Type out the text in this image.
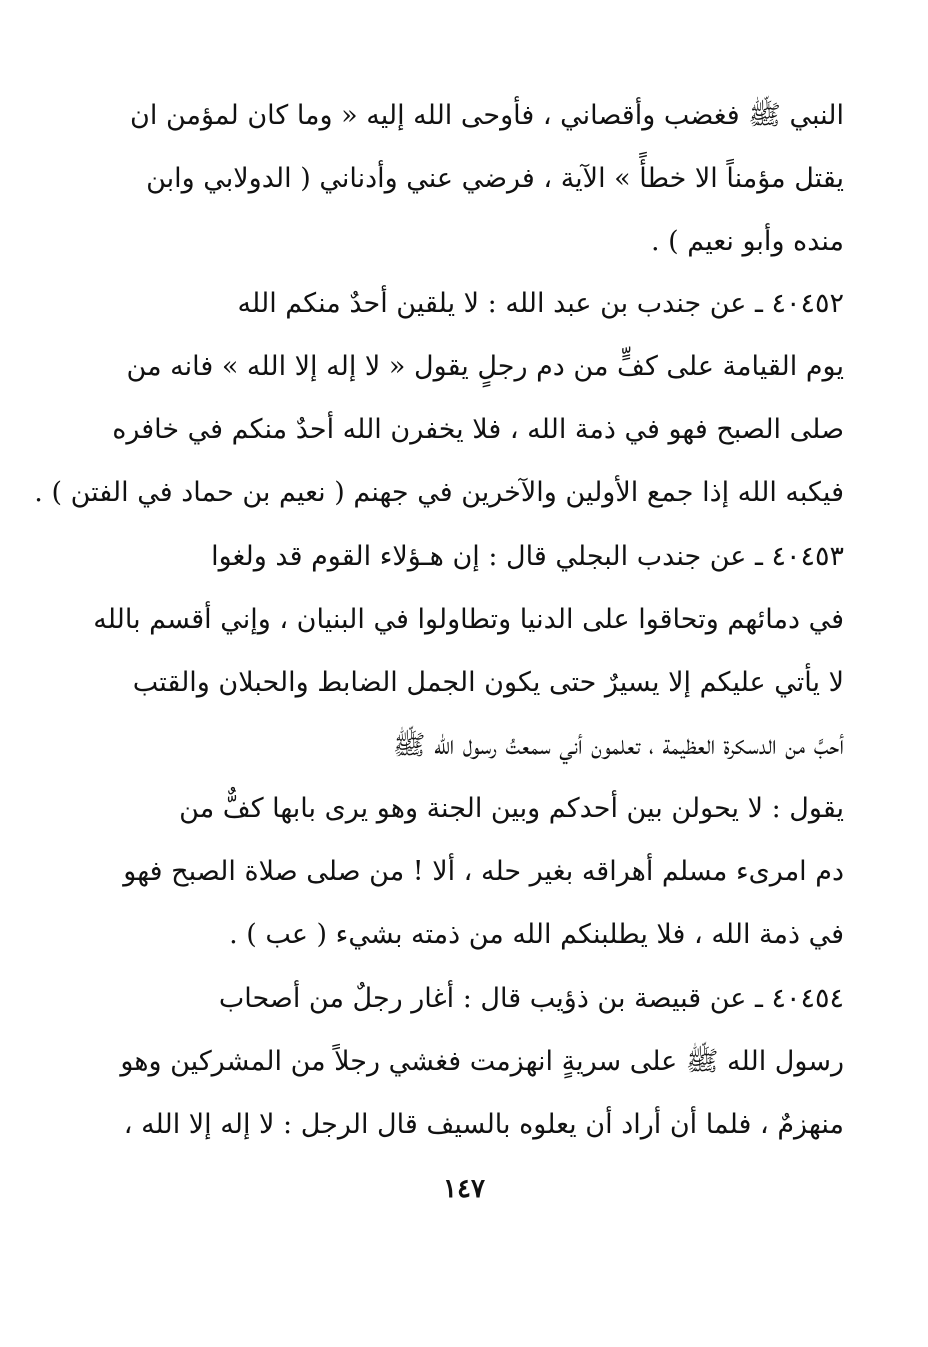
النبي ﷺ فغضب وأقصاني ، فأوحى الله إليه « وما كان لمؤمن ان
يقتل مؤمناً الا خطأً » الآية ، فرضي عني وأدناني ( الدولابي وابن
منده وأبو نعيم ) .
٤٠٤٥٢ ـ عن جندب بن عبد الله : لا يلقين أحدٌ منكم الله
يوم القيامة على كفٍّ من دم رجلٍ يقول « لا إله إلا الله » فانه من
صلى الصبح فهو في ذمة الله ، فلا يخفرن الله أحدٌ منكم في خافره
فيكبه الله إذا جمع الأولين والآخرين في جهنم ( نعيم بن حماد في الفتن ) .
٤٠٤٥٣ ـ عن جندب البجلي قال : إن هـؤلاء القوم قد ولغوا
في دمائهم وتحاقوا على الدنيا وتطاولوا في البنيان ، وإني أقسم بالله
لا يأتي عليكم إلا يسيرٌ حتى يكون الجمل الضابط والحبلان والقتب
أحبَّ من الدسكرة العظيمة ، تعلمون أني سمعتُ رسول الله ﷺ
يقول : لا يحولن بين أحدكم وبين الجنة وهو يرى بابها كفٌّ من
دم امرىء مسلم أهراقه بغير حله ، ألا ! من صلى صلاة الصبح فهو
في ذمة الله ، فلا يطلبنكم الله من ذمته بشيء ( عب ) .
٤٠٤٥٤ ـ عن قبيصة بن ذؤيب قال : أغار رجلٌ من أصحاب
رسول الله ﷺ على سريةٍ انهزمت فغشي رجلاً من المشركين وهو
منهزمٌ ، فلما أن أراد أن يعلوه بالسيف قال الرجل : لا إله إلا الله ،
١٤٧
